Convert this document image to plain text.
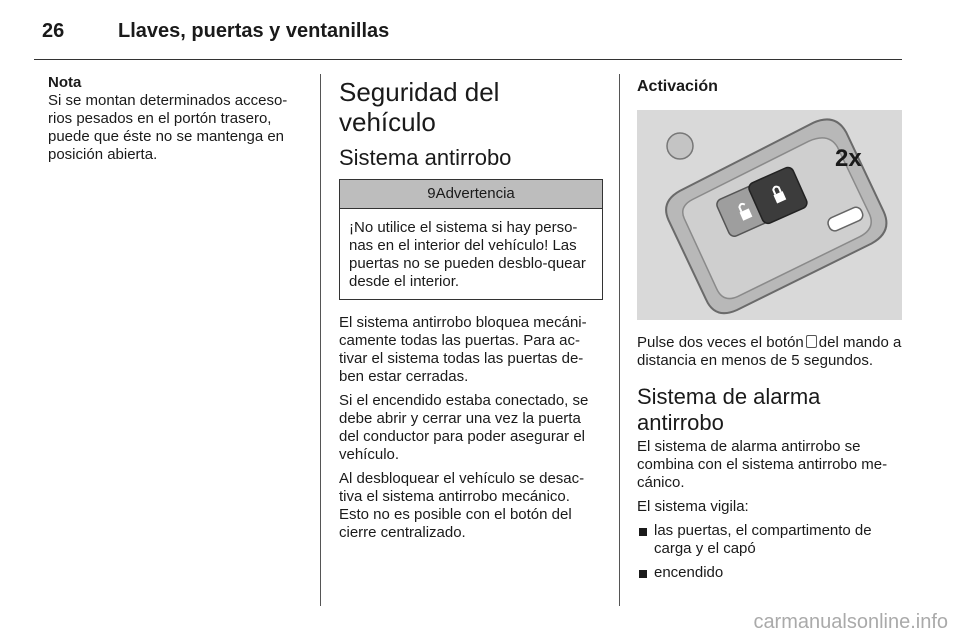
26	Llaves, puertas y ventanillas
Nota

Si se montan determinados acceso-rios pesados en el portón trasero, puede que éste no se mantenga en posición abierta.

Seguridad del vehículo
Sistema antirrobo
9Advertencia
¡No utilice el sistema si hay perso-nas en el interior del vehículo! Las puertas no se pueden desblo-quear desde el interior.

El sistema antirrobo bloquea mecáni-camente todas las puertas. Para ac-tivar el sistema todas las puertas de-ben estar cerradas.

Si el encendido estaba conectado, se debe abrir y cerrar una vez la puerta del conductor para poder asegurar el vehículo.

Al desbloquear el vehículo se desac-tiva el sistema antirrobo mecánico. Esto no es posible con el botón del cierre centralizado.

Activación
2x

Pulse dos veces el botón del mando a distancia en menos de 5 segundos.

Sistema de alarma antirrobo

El sistema de alarma antirrobo se combina con el sistema antirrobo me-cánico.

El sistema vigila:

las puertas, el compartimento de carga y el capó
encendido
carmanualsonline.info
